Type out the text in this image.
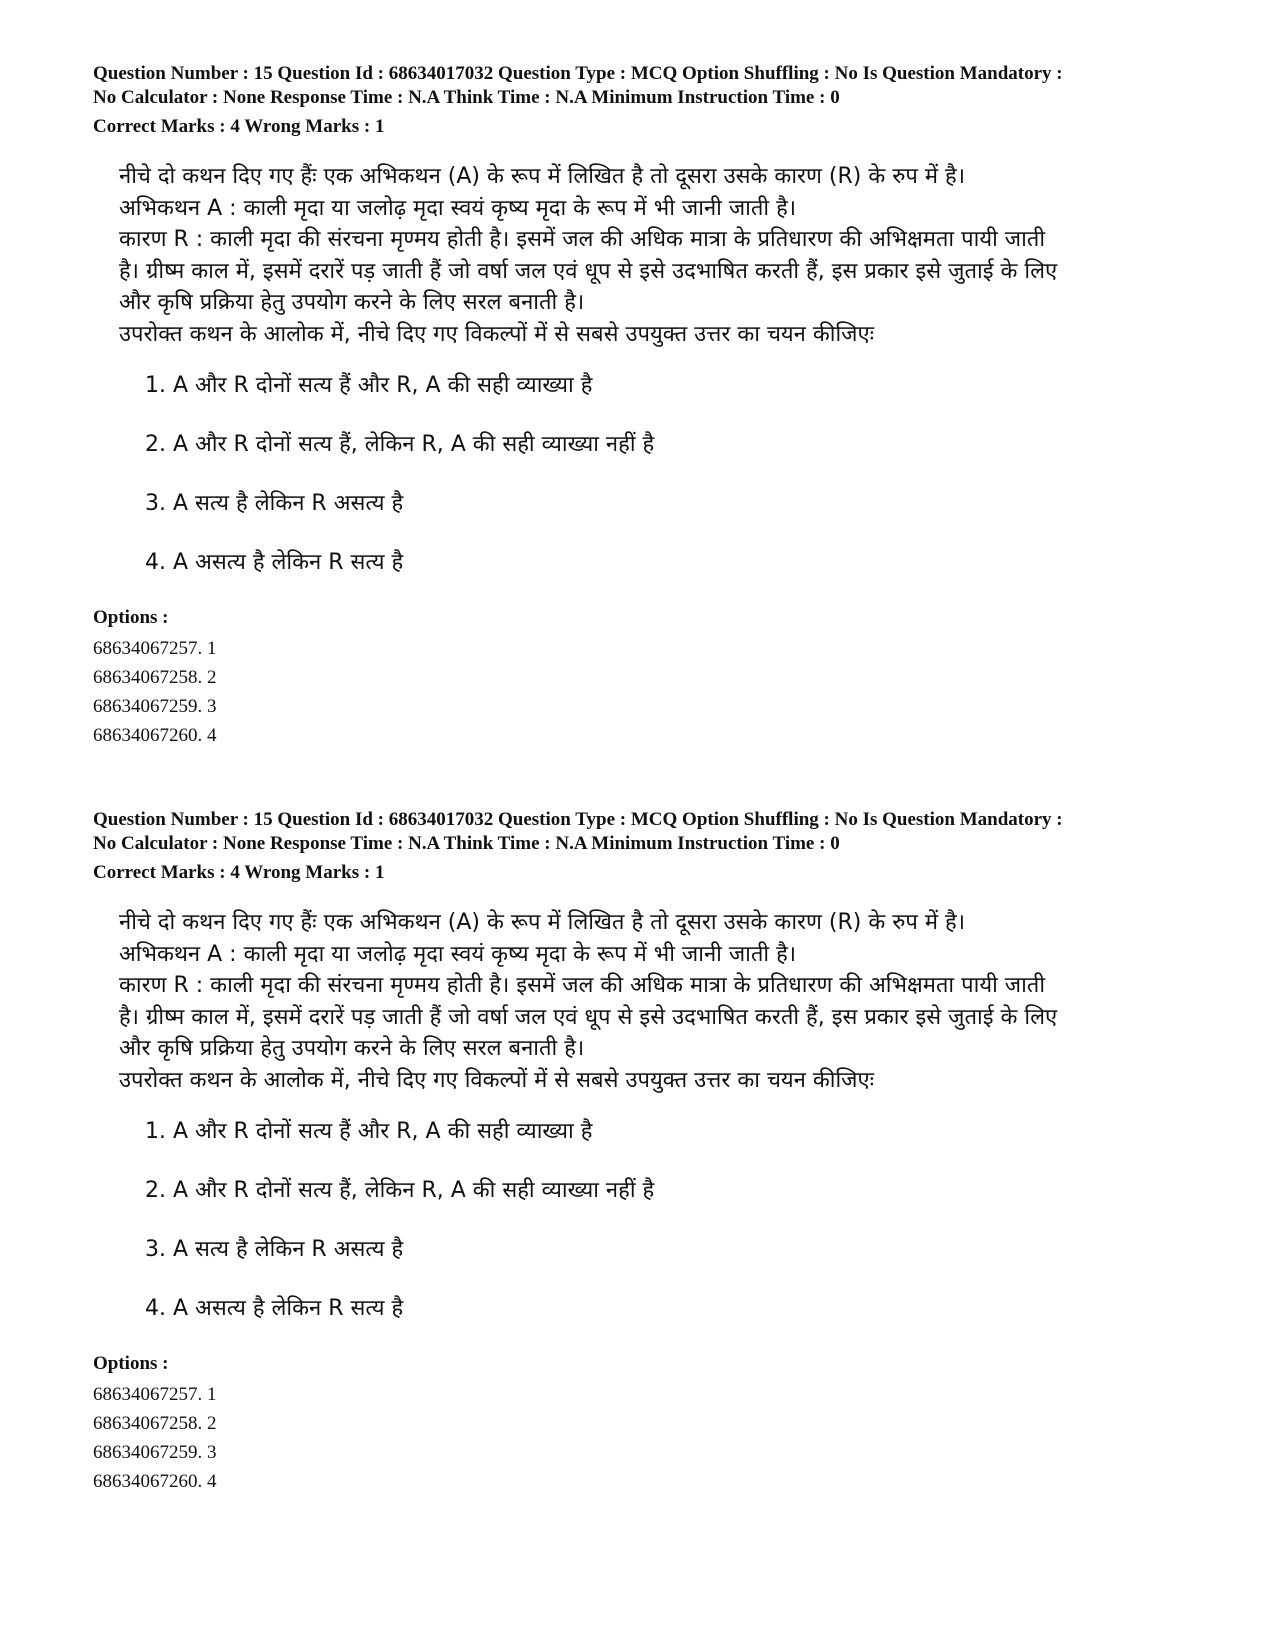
Question Number : 15 Question Id : 68634017032 Question Type : MCQ Option Shuffling : No Is Question Mandatory :
No Calculator : None Response Time : N.A Think Time : N.A Minimum Instruction Time : 0
Correct Marks : 4 Wrong Marks : 1

नीचे दो कथन दिए गए हैंः एक अभिकथन (A) के रूप में लिखित है तो दूसरा उसके कारण (R) के रुप में है।

अभिकथन A : काली मृदा या जलोढ़ मृदा स्वयं कृष्य मृदा के रूप में भी जानी जाती है।

कारण R : काली मृदा की संरचना मृण्मय होती है। इसमें जल की अधिक मात्रा के प्रतिधारण की अभिक्षमता पायी जाती

है। ग्रीष्म काल में, इसमें दरारें पड़ जाती हैं जो वर्षा जल एवं धूप से इसे उदभाषित करती हैं, इस प्रकार इसे जुताई के लिए

और कृषि प्रक्रिया हेतु उपयोग करने के लिए सरल बनाती है।

उपरोक्त कथन के आलोक में, नीचे दिए गए विकल्पों में से सबसे उपयुक्त उत्तर का चयन कीजिएः

1. A और R दोनों सत्य हैं और R, A की सही व्याख्या है
2. A और R दोनों सत्य हैं, लेकिन R, A की सही व्याख्या नहीं है
3. A सत्य है लेकिन R असत्य है
4. A असत्य है लेकिन R सत्य है
Options :
68634067257. 1
68634067258. 2
68634067259. 3
68634067260. 4
Question Number : 15 Question Id : 68634017032 Question Type : MCQ Option Shuffling : No Is Question Mandatory :
No Calculator : None Response Time : N.A Think Time : N.A Minimum Instruction Time : 0
Correct Marks : 4 Wrong Marks : 1

नीचे दो कथन दिए गए हैंः एक अभिकथन (A) के रूप में लिखित है तो दूसरा उसके कारण (R) के रुप में है।

अभिकथन A : काली मृदा या जलोढ़ मृदा स्वयं कृष्य मृदा के रूप में भी जानी जाती है।

कारण R : काली मृदा की संरचना मृण्मय होती है। इसमें जल की अधिक मात्रा के प्रतिधारण की अभिक्षमता पायी जाती

है। ग्रीष्म काल में, इसमें दरारें पड़ जाती हैं जो वर्षा जल एवं धूप से इसे उदभाषित करती हैं, इस प्रकार इसे जुताई के लिए

और कृषि प्रक्रिया हेतु उपयोग करने के लिए सरल बनाती है।

उपरोक्त कथन के आलोक में, नीचे दिए गए विकल्पों में से सबसे उपयुक्त उत्तर का चयन कीजिएः

1. A और R दोनों सत्य हैं और R, A की सही व्याख्या है
2. A और R दोनों सत्य हैं, लेकिन R, A की सही व्याख्या नहीं है
3. A सत्य है लेकिन R असत्य है
4. A असत्य है लेकिन R सत्य है
Options :
68634067257. 1
68634067258. 2
68634067259. 3
68634067260. 4
